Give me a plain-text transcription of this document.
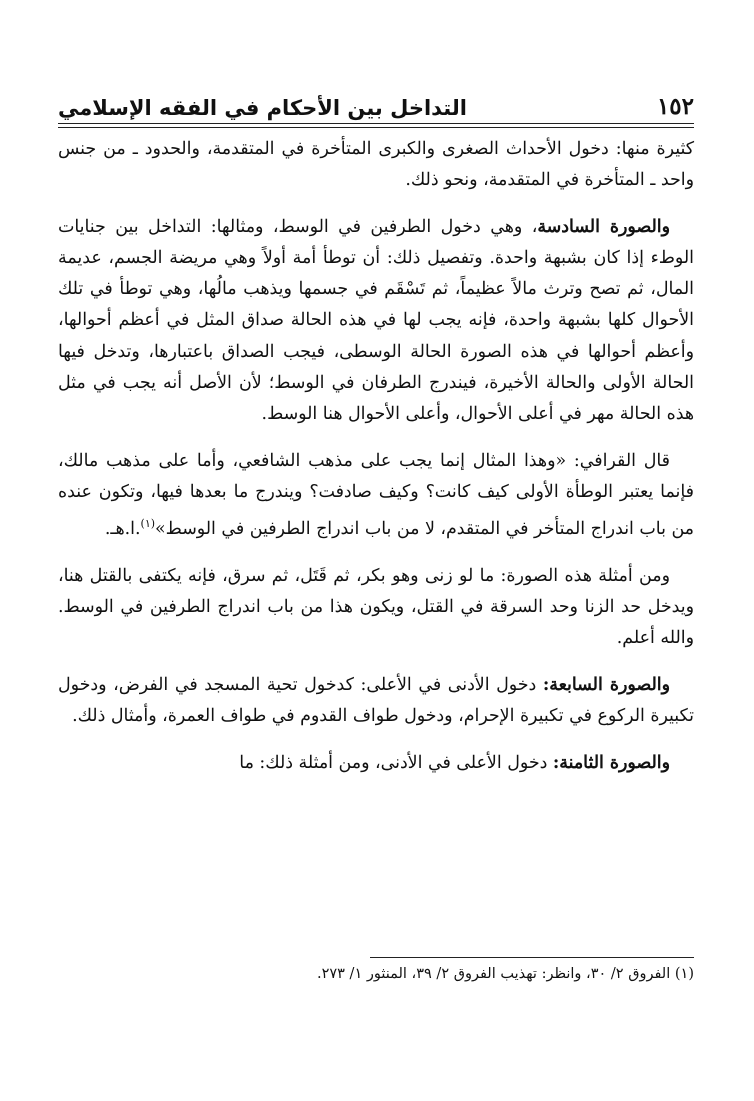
١٥٢
التداخل بين الأحكام في الفقه الإسلامي

كثيرة منها: دخول الأحداث الصغرى والكبرى المتأخرة في المتقدمة، والحدود ـ من جنس واحد ـ المتأخرة في المتقدمة، ونحو ذلك.

والصورة السادسة، وهي دخول الطرفين في الوسط، ومثالها: التداخل بين جنايات الوطء إذا كان بشبهة واحدة. وتفصيل ذلك: أن توطأ أمة أولاً وهي مريضة الجسم، عديمة المال، ثم تصح وترث مالاً عظيماً، ثم تَسْقَم في جسمها ويذهب مالُها، وهي توطأ في تلك الأحوال كلها بشبهة واحدة، فإنه يجب لها في هذه الحالة صداق المثل في أعظم أحوالها، وأعظم أحوالها في هذه الصورة الحالة الوسطى، فيجب الصداق باعتبارها، وتدخل فيها الحالة الأولى والحالة الأخيرة، فيندرج الطرفان في الوسط؛ لأن الأصل أنه يجب في مثل هذه الحالة مهر في أعلى الأحوال، وأعلى الأحوال هنا الوسط.

قال القرافي: «وهذا المثال إنما يجب على مذهب الشافعي، وأما على مذهب مالك، فإنما يعتبر الوطأة الأولى كيف كانت؟ وكيف صادفت؟ ويندرج ما بعدها فيها، وتكون عنده من باب اندراج المتأخر في المتقدم، لا من باب اندراج الطرفين في الوسط»$^{(١)}$.ا.هـ.

ومن أمثلة هذه الصورة: ما لو زنى وهو بكر، ثم قَتَل، ثم سرق، فإنه يكتفى بالقتل هنا، ويدخل حد الزنا وحد السرقة في القتل، ويكون هذا من باب اندراج الطرفين في الوسط. والله أعلم.

والصورة السابعة: دخول الأدنى في الأعلى: كدخول تحية المسجد في الفرض، ودخول تكبيرة الركوع في تكبيرة الإحرام، ودخول طواف القدوم في طواف العمرة، وأمثال ذلك.

والصورة الثامنة: دخول الأعلى في الأدنى، ومن أمثلة ذلك: ما

(١) الفروق ٢/ ٣٠، وانظر: تهذيب الفروق ٢/ ٣٩، المنثور ١/ ٢٧٣.
